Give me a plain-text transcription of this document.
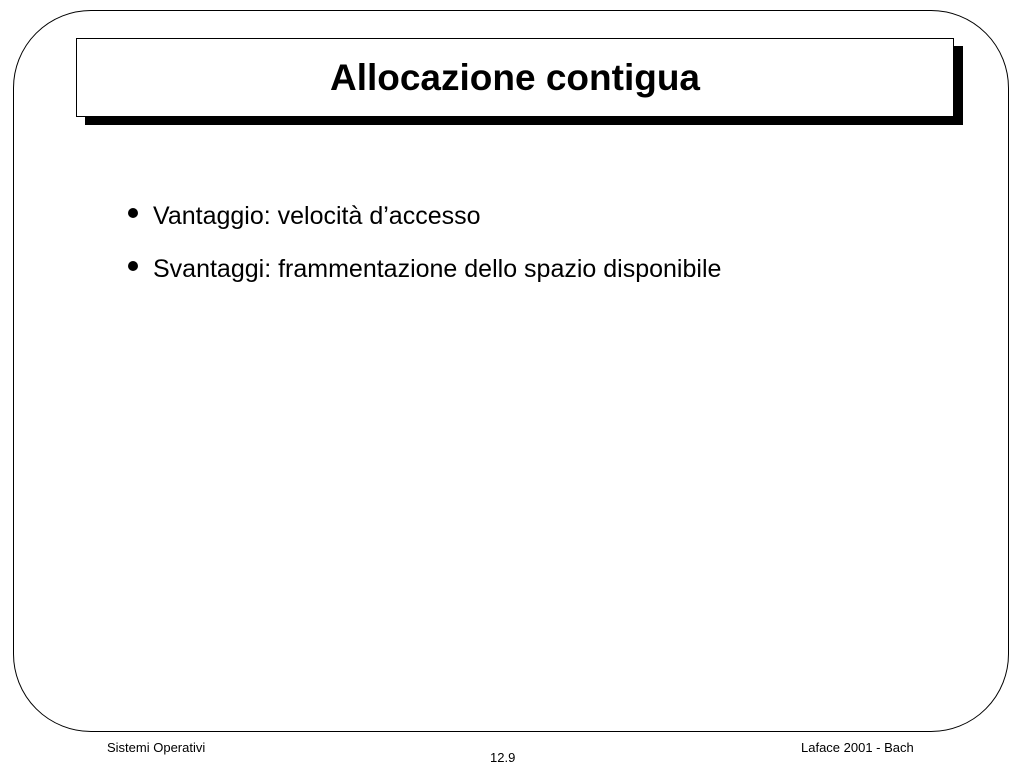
Allocazione contigua
Vantaggio: velocità d’accesso
Svantaggi: frammentazione dello spazio disponibile
Sistemi Operativi
12.9
Laface 2001 - Bach
